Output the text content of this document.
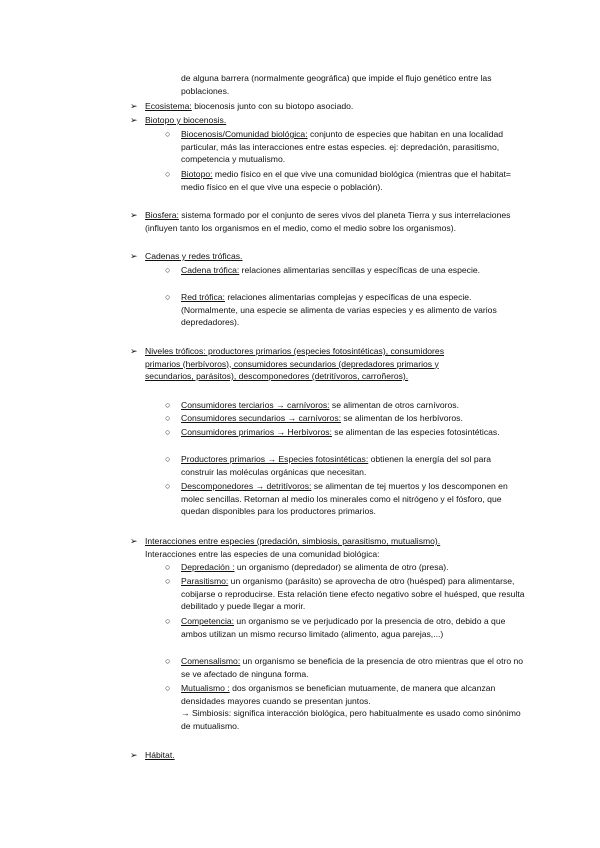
de alguna barrera (normalmente geográfica) que impide el flujo genético entre las poblaciones.
➢ Ecosistema: biocenosis junto con su biotopo asociado.
➢ Biotopo y biocenosis.
○ Biocenosis/Comunidad biológica: conjunto de especies que habitan en una localidad particular, más las interacciones entre estas especies. ej: depredación, parasitismo, competencia y mutualismo.
○ Biotopo: medio físico en el que vive una comunidad biológica (mientras que el habitat= medio físico en el que vive una especie o población).
➢ Biosfera: sistema formado por el conjunto de seres vivos del planeta Tierra y sus interrelaciones (influyen tanto los organismos en el medio, como el medio sobre los organismos).
➢ Cadenas y redes tróficas.
○ Cadena trófica: relaciones alimentarias sencillas y específicas de una especie.
○ Red trófica: relaciones alimentarias complejas y específicas de una especie. (Normalmente, una especie se alimenta de varias especies y es alimento de varios depredadores).
➢ Niveles tróficos: productores primarios (especies fotosintéticas), consumidores primarios (herbívoros), consumidores secundarios (depredadores primarios y secundarios, parásitos), descomponedores (detritívoros, carroñeros).
○ Consumidores terciarios → carnívoros: se alimentan de otros carnívoros.
○ Consumidores secundarios → carnívoros: se alimentan de los herbívoros.
○ Consumidores primarios → Herbívoros: se alimentan de las especies fotosintéticas.
○ Productores primarios → Especies fotosintéticas: obtienen la energía del sol para construir las moléculas orgánicas que necesitan.
○ Descomponedores → detritívoros: se alimentan de tej muertos y los descomponen en molec sencillas. Retornan al medio los minerales como el nitrógeno y el fósforo, que quedan disponibles para los productores primarios.
➢ Interacciones entre especies (predación, simbiosis, parasitismo, mutualismo).
Interacciones entre las especies de una comunidad biológica:
○ Depredación : un organismo (depredador) se alimenta de otro (presa).
○ Parasitismo: un organismo (parásito) se aprovecha de otro (huésped) para alimentarse, cobijarse o reproducirse. Esta relación tiene efecto negativo sobre el huésped, que resulta debilitado y puede llegar a morir.
○ Competencia: un organismo se ve perjudicado por la presencia de otro, debido a que ambos utilizan un mismo recurso limitado (alimento, agua parejas,...)
○ Comensalismo: un organismo se beneficia de la presencia de otro mientras que el otro no se ve afectado de ninguna forma.
○ Mutualismo : dos organismos se benefician mutuamente, de manera que alcanzan densidades mayores cuando se presentan juntos.
→ Simbiosis: significa interacción biológica, pero habitualmente es usado como sinónimo de mutualismo.
➢ Hábitat.
